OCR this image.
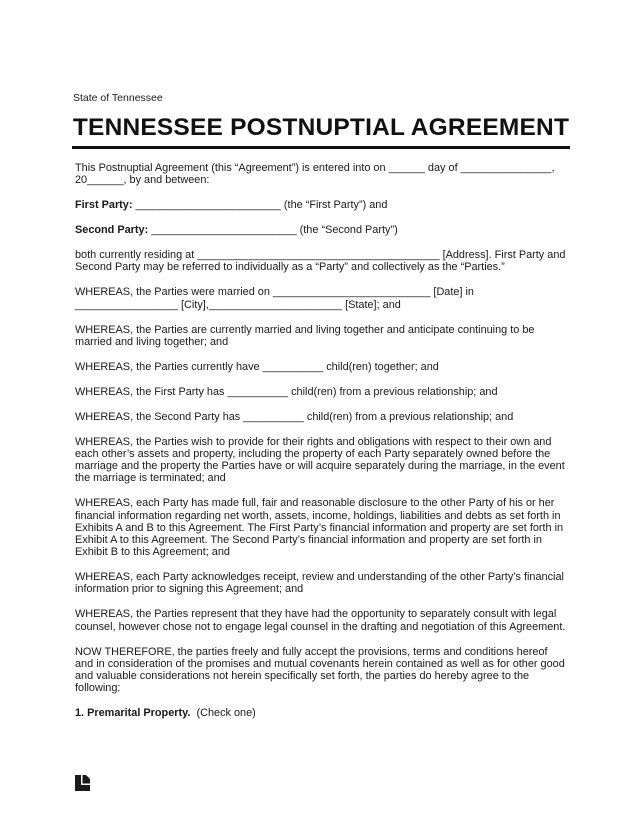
State of Tennessee
TENNESSEE POSTNUPTIAL AGREEMENT

This Postnuptial Agreement (this “Agreement”) is entered into on ______ day of _______________, 20______, by and between:

First Party: ________________________ (the “First Party”) and

Second Party: ________________________ (the “Second Party”)

both currently residing at ________________________________________ [Address]. First Party and Second Party may be referred to individually as a “Party” and collectively as the “Parties.”

WHEREAS, the Parties were married on __________________________ [Date] in _________________ [City],______________________ [State]; and

WHEREAS, the Parties are currently married and living together and anticipate continuing to be married and living together; and

WHEREAS, the Parties currently have __________ child(ren) together; and

WHEREAS, the First Party has __________ child(ren) from a previous relationship; and

WHEREAS, the Second Party has __________ child(ren) from a previous relationship; and

WHEREAS, the Parties wish to provide for their rights and obligations with respect to their own and each other’s assets and property, including the property of each Party separately owned before the marriage and the property the Parties have or will acquire separately during the marriage, in the event the marriage is terminated; and

WHEREAS, each Party has made full, fair and reasonable disclosure to the other Party of his or her financial information regarding net worth, assets, income, holdings, liabilities and debts as set forth in Exhibits A and B to this Agreement. The First Party’s financial information and property are set forth in Exhibit A to this Agreement. The Second Party’s financial information and property are set forth in Exhibit B to this Agreement; and

WHEREAS, each Party acknowledges receipt, review and understanding of the other Party’s financial information prior to signing this Agreement; and

WHEREAS, the Parties represent that they have had the opportunity to separately consult with legal counsel, however chose not to engage legal counsel in the drafting and negotiation of this Agreement.

NOW THEREFORE, the parties freely and fully accept the provisions, terms and conditions hereof and in consideration of the promises and mutual covenants herein contained as well as for other good and valuable considerations not herein specifically set forth, the parties do hereby agree to the following:

1. Premarital Property.  (Check one)
